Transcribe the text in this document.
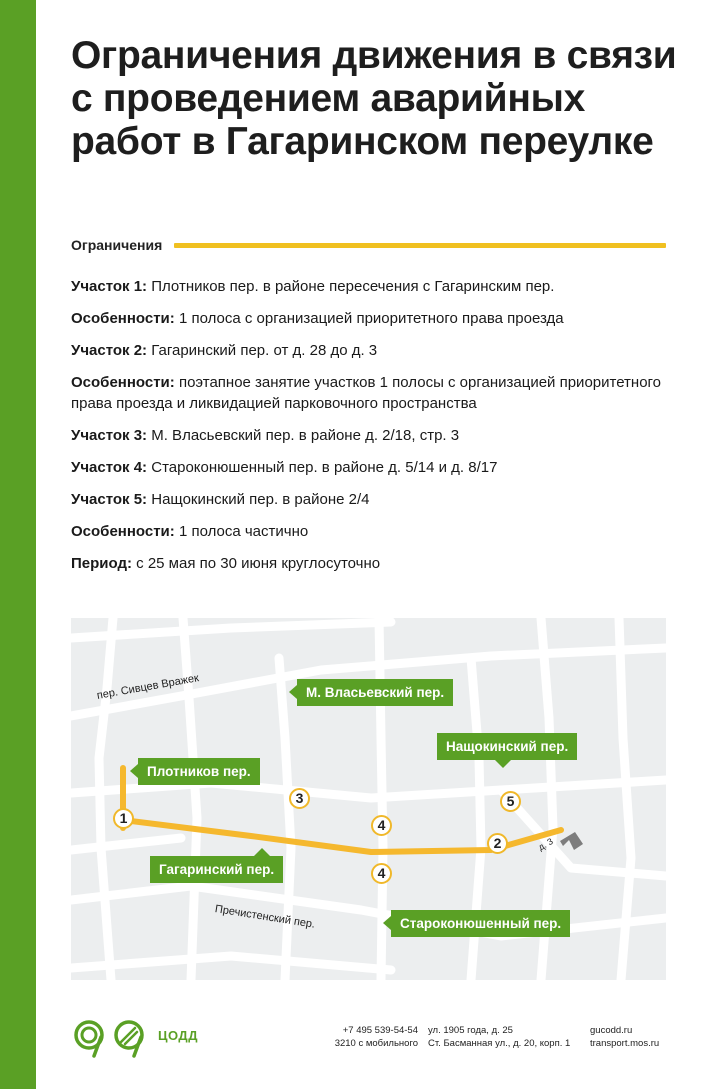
Ограничения движения в связи с проведением аварийных работ в Гагаринском переулке
Ограничения

Участок 1: Плотников пер. в районе пересечения с Гагаринским пер.

Особенности: 1 полоса с организацией приоритетного права проезда

Участок 2: Гагаринский пер. от д. 28 до д. 3

Особенности: поэтапное занятие участков 1 полосы с организацией приоритетного права проезда и ликвидацией парковочного пространства

Участок 3: М. Власьевский пер. в районе д. 2/18, стр. 3

Участок 4: Староконюшенный пер. в районе д. 5/14 и д. 8/17

Участок 5: Нащокинский пер. в районе 2/4

Особенности: 1 полоса частично

Период: с 25 мая по 30 июня круглосуточно

пер. Сивцев Вражек
Пречистенский пер.
д. 3
М. Власьевский пер.
Нащокинский пер.
Плотников пер.
Гагаринский пер.
Староконюшенный пер.
1
2
3
4
4
5
ЦОДД	+7 495 539-54-54
3210 с мобильного
ул. 1905 года, д. 25
Ст. Басманная ул., д. 20, корп. 1
gucodd.ru
transport.mos.ru
